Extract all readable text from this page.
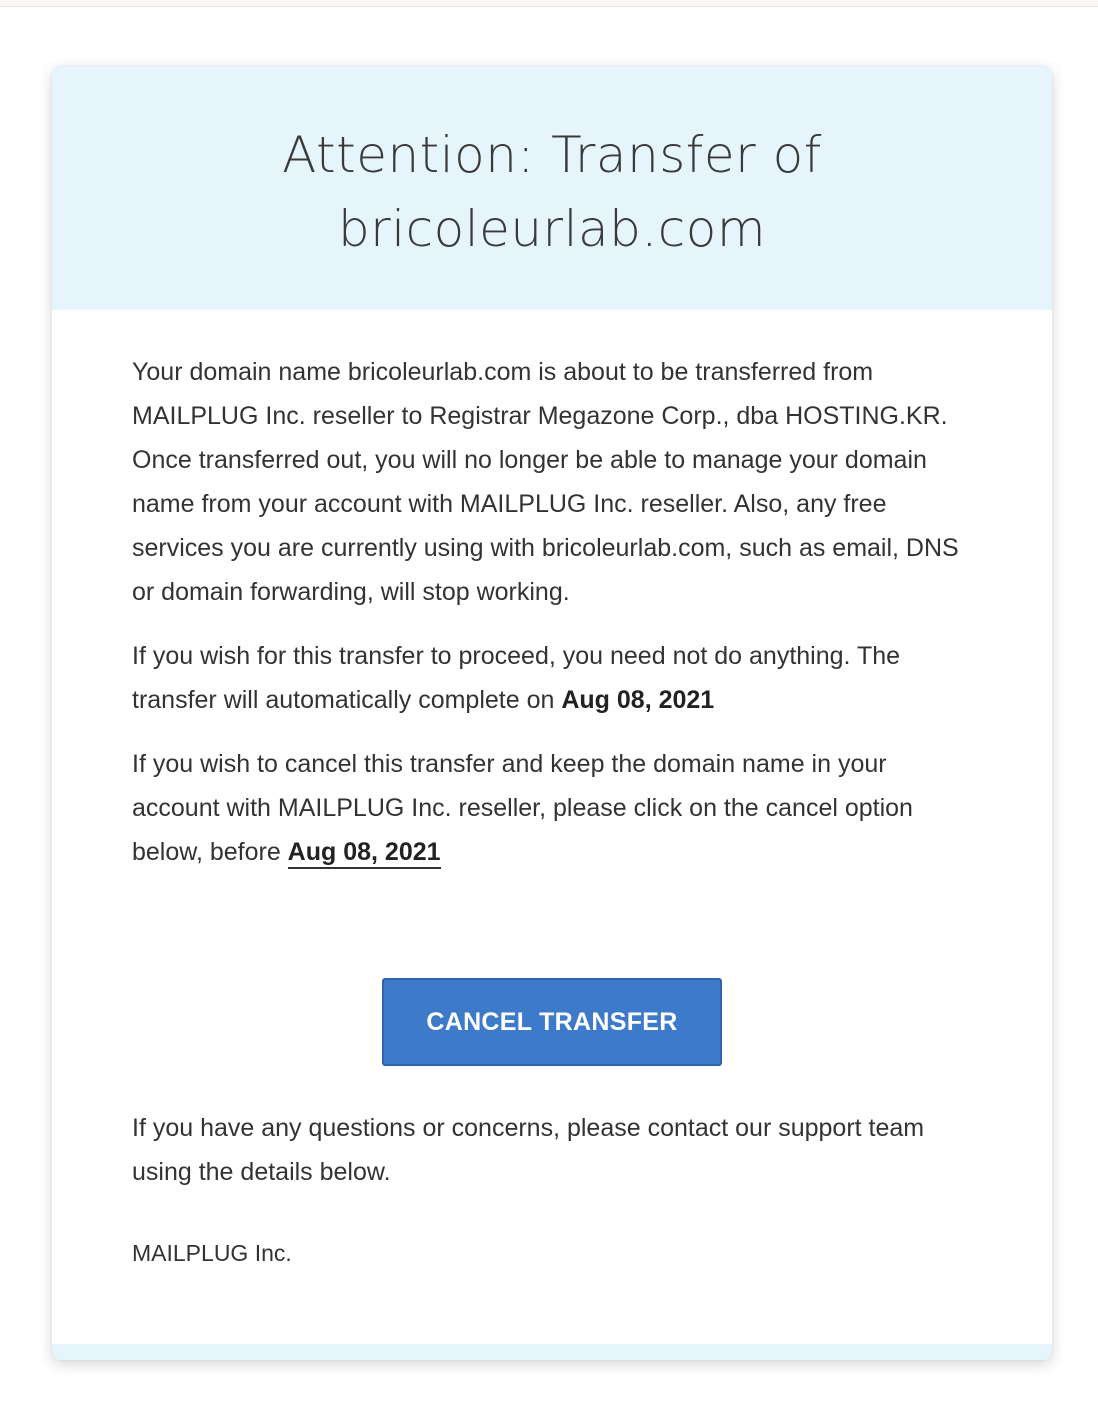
Attention: Transfer of
bricoleurlab.com

Your domain name bricoleurlab.com is about to be transferred from MAILPLUG Inc. reseller to Registrar Megazone Corp., dba HOSTING.KR. Once transferred out, you will no longer be able to manage your domain name from your account with MAILPLUG Inc. reseller. Also, any free services you are currently using with bricoleurlab.com, such as email, DNS or domain forwarding, will stop working.

If you wish for this transfer to proceed, you need not do anything. The transfer will automatically complete on Aug 08, 2021

If you wish to cancel this transfer and keep the domain name in your account with MAILPLUG Inc. reseller, please click on the cancel option below, before Aug 08, 2021

CANCEL TRANSFER

If you have any questions or concerns, please contact our support team using the details below.

MAILPLUG Inc.
